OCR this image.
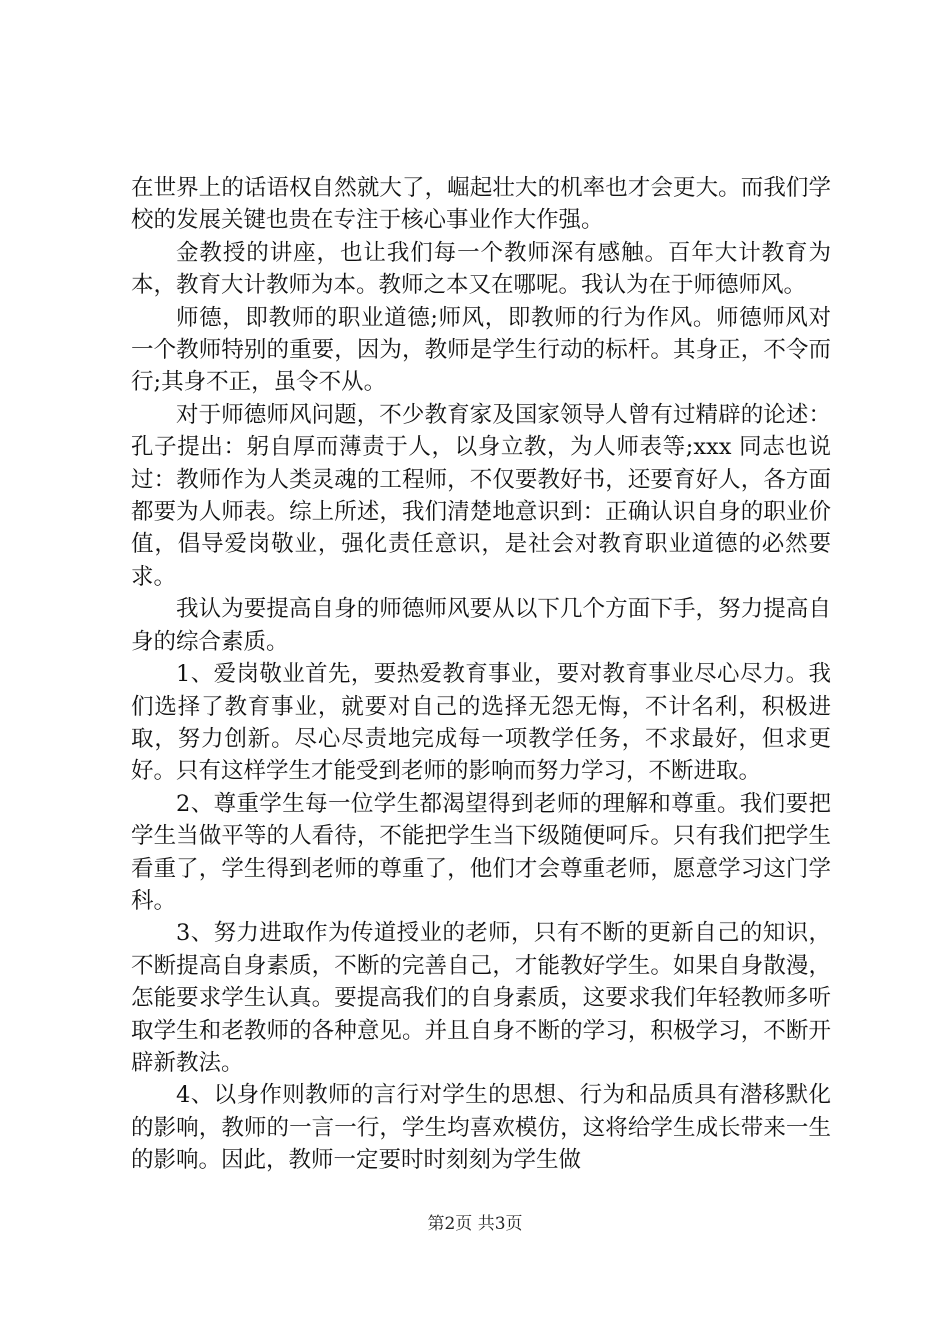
在世界上的话语权自然就大了，崛起壮大的机率也才会更大。而我们学校的发展关键也贵在专注于核心事业作大作强。

金教授的讲座，也让我们每一个教师深有感触。百年大计教育为本，教育大计教师为本。教师之本又在哪呢。我认为在于师德师风。

师德，即教师的职业道德;师风，即教师的行为作风。师德师风对一个教师特别的重要，因为，教师是学生行动的标杆。其身正，不令而行;其身不正，虽令不从。

对于师德师风问题，不少教育家及国家领导人曾有过精辟的论述：孔子提出：躬自厚而薄责于人，以身立教，为人师表等;xxx 同志也说过：教师作为人类灵魂的工程师，不仅要教好书，还要育好人，各方面都要为人师表。综上所述，我们清楚地意识到：正确认识自身的职业价值，倡导爱岗敬业，强化责任意识，是社会对教育职业道德的必然要求。

我认为要提高自身的师德师风要从以下几个方面下手，努力提高自身的综合素质。

1、爱岗敬业首先，要热爱教育事业，要对教育事业尽心尽力。我们选择了教育事业，就要对自己的选择无怨无悔，不计名利，积极进取，努力创新。尽心尽责地完成每一项教学任务，不求最好，但求更好。只有这样学生才能受到老师的影响而努力学习，不断进取。

2、尊重学生每一位学生都渴望得到老师的理解和尊重。我们要把学生当做平等的人看待，不能把学生当下级随便呵斥。只有我们把学生看重了，学生得到老师的尊重了，他们才会尊重老师，愿意学习这门学科。

3、努力进取作为传道授业的老师，只有不断的更新自己的知识，不断提高自身素质，不断的完善自己，才能教好学生。如果自身散漫，怎能要求学生认真。要提高我们的自身素质，这要求我们年轻教师多听取学生和老教师的各种意见。并且自身不断的学习，积极学习，不断开辟新教法。

4、以身作则教师的言行对学生的思想、行为和品质具有潜移默化的影响，教师的一言一行，学生均喜欢模仿，这将给学生成长带来一生的影响。因此，教师一定要时时刻刻为学生做

第2页 共3页
